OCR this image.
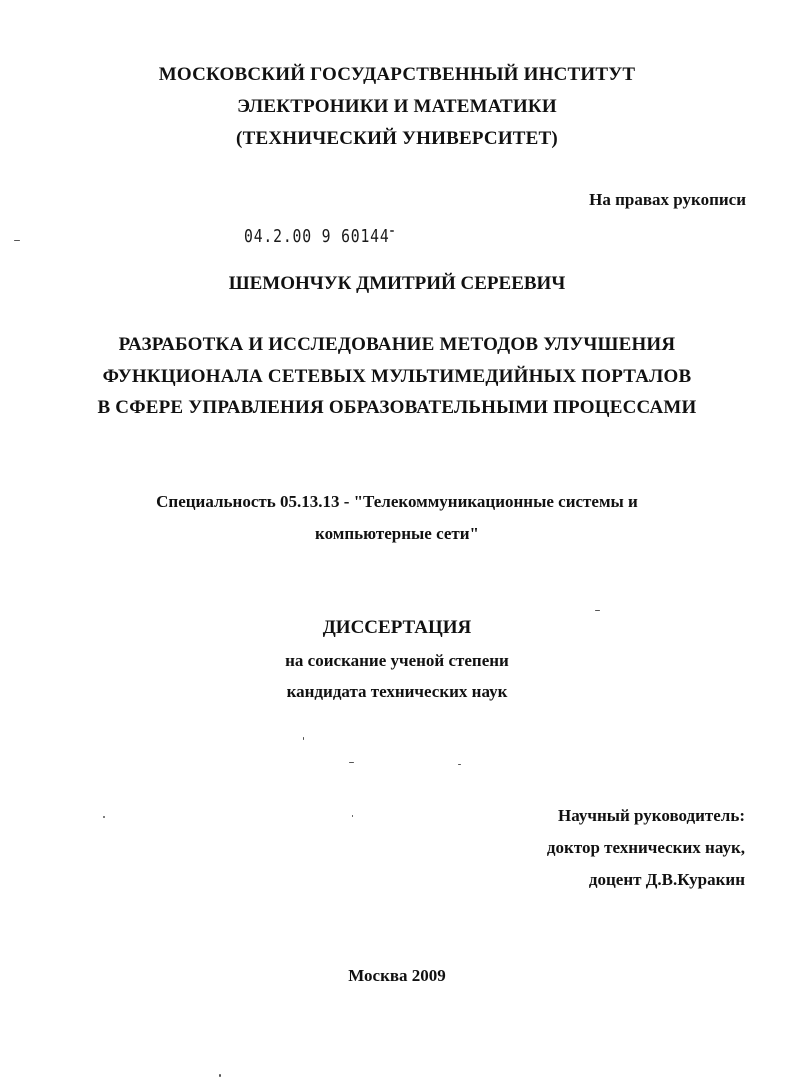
МОСКОВСКИЙ ГОСУДАРСТВЕННЫЙ ИНСТИТУТ
ЭЛЕКТРОНИКИ И МАТЕМАТИКИ
(ТЕХНИЧЕСКИЙ УНИВЕРСИТЕТ)
На правах рукописи
04.2.00 9 60144
ШЕМОНЧУК ДМИТРИЙ СЕРЕЕВИЧ
РАЗРАБОТКА И ИССЛЕДОВАНИЕ МЕТОДОВ УЛУЧШЕНИЯ
ФУНКЦИОНАЛА СЕТЕВЫХ МУЛЬТИМЕДИЙНЫХ ПОРТАЛОВ
В СФЕРЕ УПРАВЛЕНИЯ ОБРАЗОВАТЕЛЬНЫМИ ПРОЦЕССАМИ
Специальность 05.13.13 - "Телекоммуникационные системы и
компьютерные сети"
ДИССЕРТАЦИЯ
на соискание ученой степени
кандидата технических наук
Научный руководитель:
доктор технических наук,
доцент Д.В.Куракин
Москва 2009
